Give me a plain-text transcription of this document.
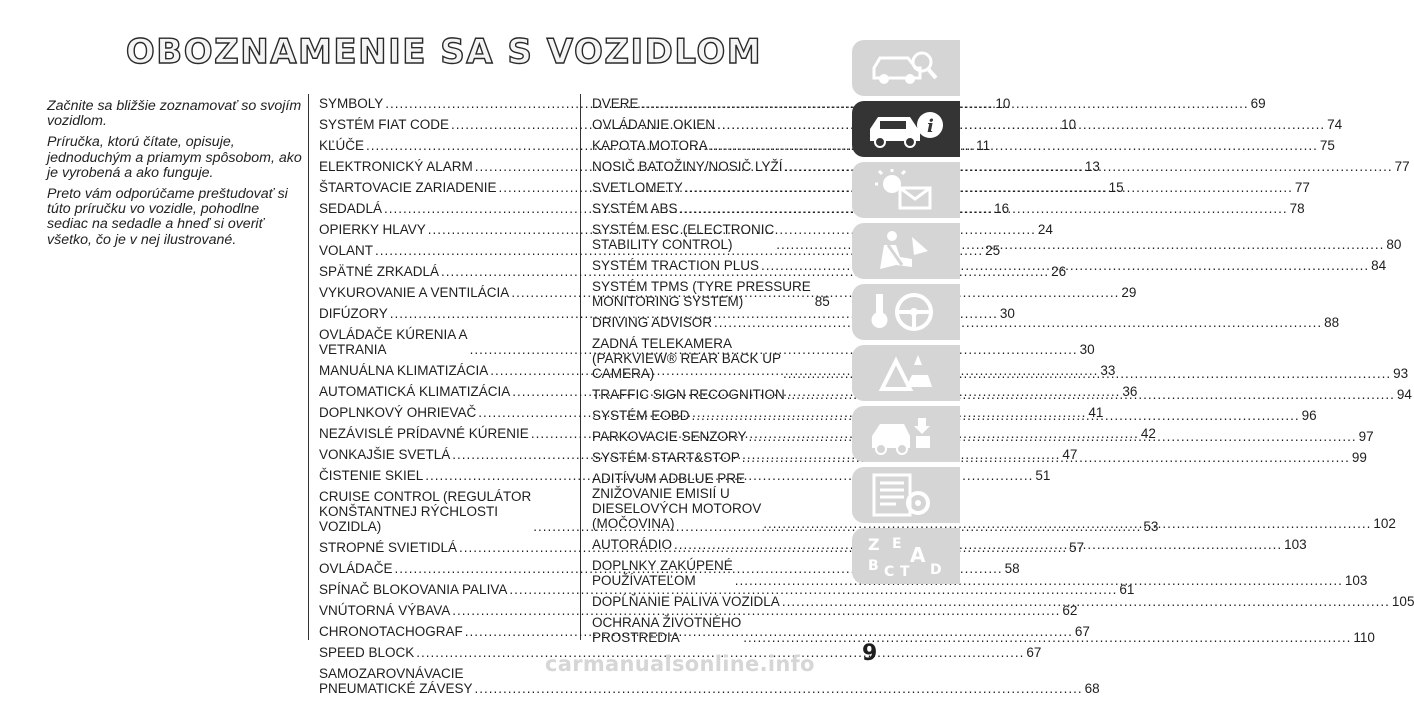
OBOZNAMENIE SA S VOZIDLOM

Začnite sa bližšie zoznamovať so svojím vozidlom.

Príručka, ktorú čítate, opisuje, jednoduchým a priamym spôsobom, ako je vyrobená a ako funguje.

Preto vám odporúčame preštudovať si túto príručku vo vozidle, pohodlne sediac na sedadle a hneď si overiť všetko, čo je v nej ilustrované.

SYMBOLY .....	10
SYSTÉM FIAT CODE .....	10
KĽÚČE .....	11
ELEKTRONICKÝ ALARM .....	13
ŠTARTOVACIE ZARIADENIE .....	15
SEDADLÁ .....	16
OPIERKY HLAVY .....	24
VOLANT .....	25
SPÄTNÉ ZRKADLÁ .....	26
VYKUROVANIE A VENTILÁCIA .....	29
DIFÚZORY .....	30
OVLÁDAČE KÚRENIA A
VETRANIA .....	30
MANUÁLNA KLIMATIZÁCIA .....	33
AUTOMATICKÁ KLIMATIZÁCIA .....	36
DOPLNKOVÝ OHRIEVAČ .....	41
NEZÁVISLÉ PRÍDAVNÉ KÚRENIE .....	42
VONKAJŠIE SVETLÁ .....	47
ČISTENIE SKIEL .....	51
CRUISE CONTROL (REGULÁTOR
KONŠTANTNEJ RÝCHLOSTI
VOZIDLA) .....	53
STROPNÉ SVIETIDLÁ .....	57
OVLÁDAČE .....	58
SPÍNAČ BLOKOVANIA PALIVA .....	61
VNÚTORNÁ VÝBAVA .....	62
CHRONOTACHOGRAF .....	67
SPEED BLOCK .....	67
SAMOZAROVNÁVACIE
PNEUMATICKÉ ZÁVESY .....	68
DVERE .....	69
OVLÁDANIE OKIEN .....	74
KAPOTA MOTORA .....	75
NOSIČ BATOŽINY/NOSIČ LYŽÍ .....	77
SVETLOMETY .....	77
SYSTÉM ABS .....	78
SYSTÉM ESC (ELECTRONIC
STABILITY CONTROL) .....	80
SYSTÉM TRACTION PLUS .....	84
SYSTÉM TPMS (TYRE PRESSURE
MONITORING SYSTEM)	85
DRIVING ADVISOR .....	88
ZADNÁ TELEKAMERA
(PARKVIEW® REAR BACK UP
CAMERA) .....	93
TRAFFIC SIGN RECOGNITION .....	94
SYSTÉM EOBD .....	96
PARKOVACIE SENZORY .....	97
SYSTÉM START&STOP .....	99
ADITÍVUM ADBLUE PRE
ZNIŽOVANIE EMISIÍ U
DIESELOVÝCH MOTOROV
(MOČOVINA) .....	102
AUTORÁDIO .....	103
DOPLNKY ZAKÚPENÉ
POUŽÍVATEĽOM .....	103
DOPĹŇANIE PALIVA VOZIDLA .....	105
OCHRANA ŽIVOTNÉHO
PROSTREDIA .....	110
i
Z E A
B C T D
9
carmanualsonline.info
